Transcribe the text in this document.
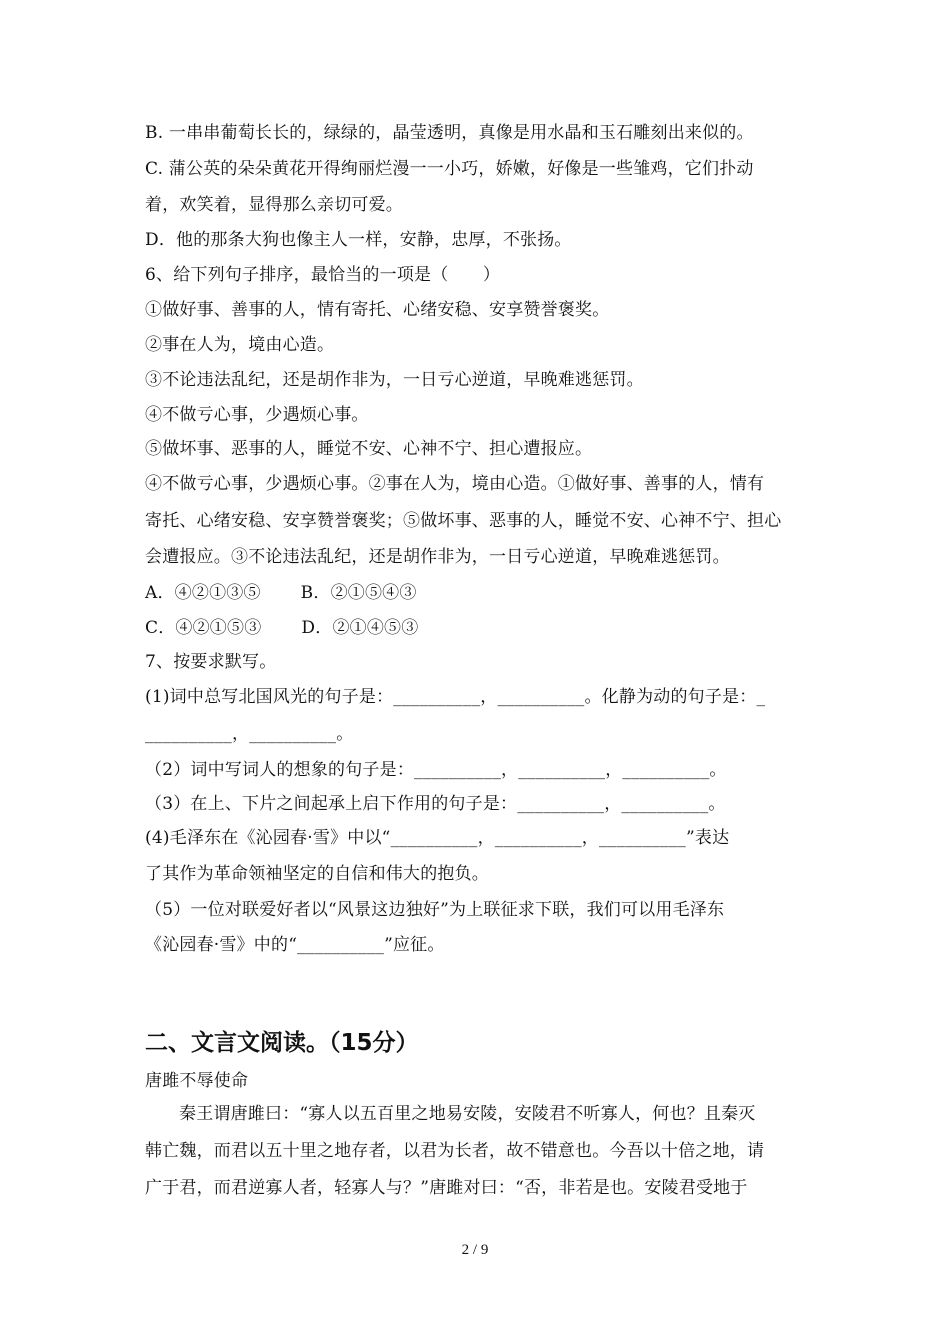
B. 一串串葡萄长长的，绿绿的，晶莹透明，真像是用水晶和玉石雕刻出来似的。
C. 蒲公英的朵朵黄花开得绚丽烂漫一一小巧，娇嫩，好像是一些雏鸡，它们扑动
着，欢笑着，显得那么亲切可爱。
D．他的那条大狗也像主人一样，安静，忠厚，不张扬。
6、给下列句子排序，最恰当的一项是（　　）
①做好事、善事的人，情有寄托、心绪安稳、安享赞誉褒奖。
②事在人为，境由心造。
③不论违法乱纪，还是胡作非为，一日亏心逆道，早晚难逃惩罚。
④不做亏心事，少遇烦心事。
⑤做坏事、恶事的人，睡觉不安、心神不宁、担心遭报应。
④不做亏心事，少遇烦心事。②事在人为，境由心造。①做好事、善事的人，情有
寄托、心绪安稳、安享赞誉褒奖；⑤做坏事、恶事的人，睡觉不安、心神不宁、担心
会遭报应。③不论违法乱纪，还是胡作非为，一日亏心逆道，早晚难逃惩罚。
A．④②①③⑤　　 B．②①⑤④③
C．④②①⑤③　　 D．②①④⑤③
7、按要求默写。
(1)词中总写北国风光的句子是：__________，__________。化静为动的句子是：_
__________，__________。
（2）词中写词人的想象的句子是：__________，__________，__________。
（3）在上、下片之间起承上启下作用的句子是：__________，__________。
(4)毛泽东在《沁园春·雪》中以“__________，__________，__________”表达
了其作为革命领袖坚定的自信和伟大的抱负。
（5）一位对联爱好者以“风景这边独好”为上联征求下联，我们可以用毛泽东
《沁园春·雪》中的“__________”应征。
二、文言文阅读。（15分）
唐雎不辱使命
秦王谓唐雎曰：“寡人以五百里之地易安陵，安陵君不听寡人，何也？且秦灭
韩亡魏，而君以五十里之地存者，以君为长者，故不错意也。今吾以十倍之地，请
广于君，而君逆寡人者，轻寡人与？”唐雎对曰：“否，非若是也。安陵君受地于
2 / 9
